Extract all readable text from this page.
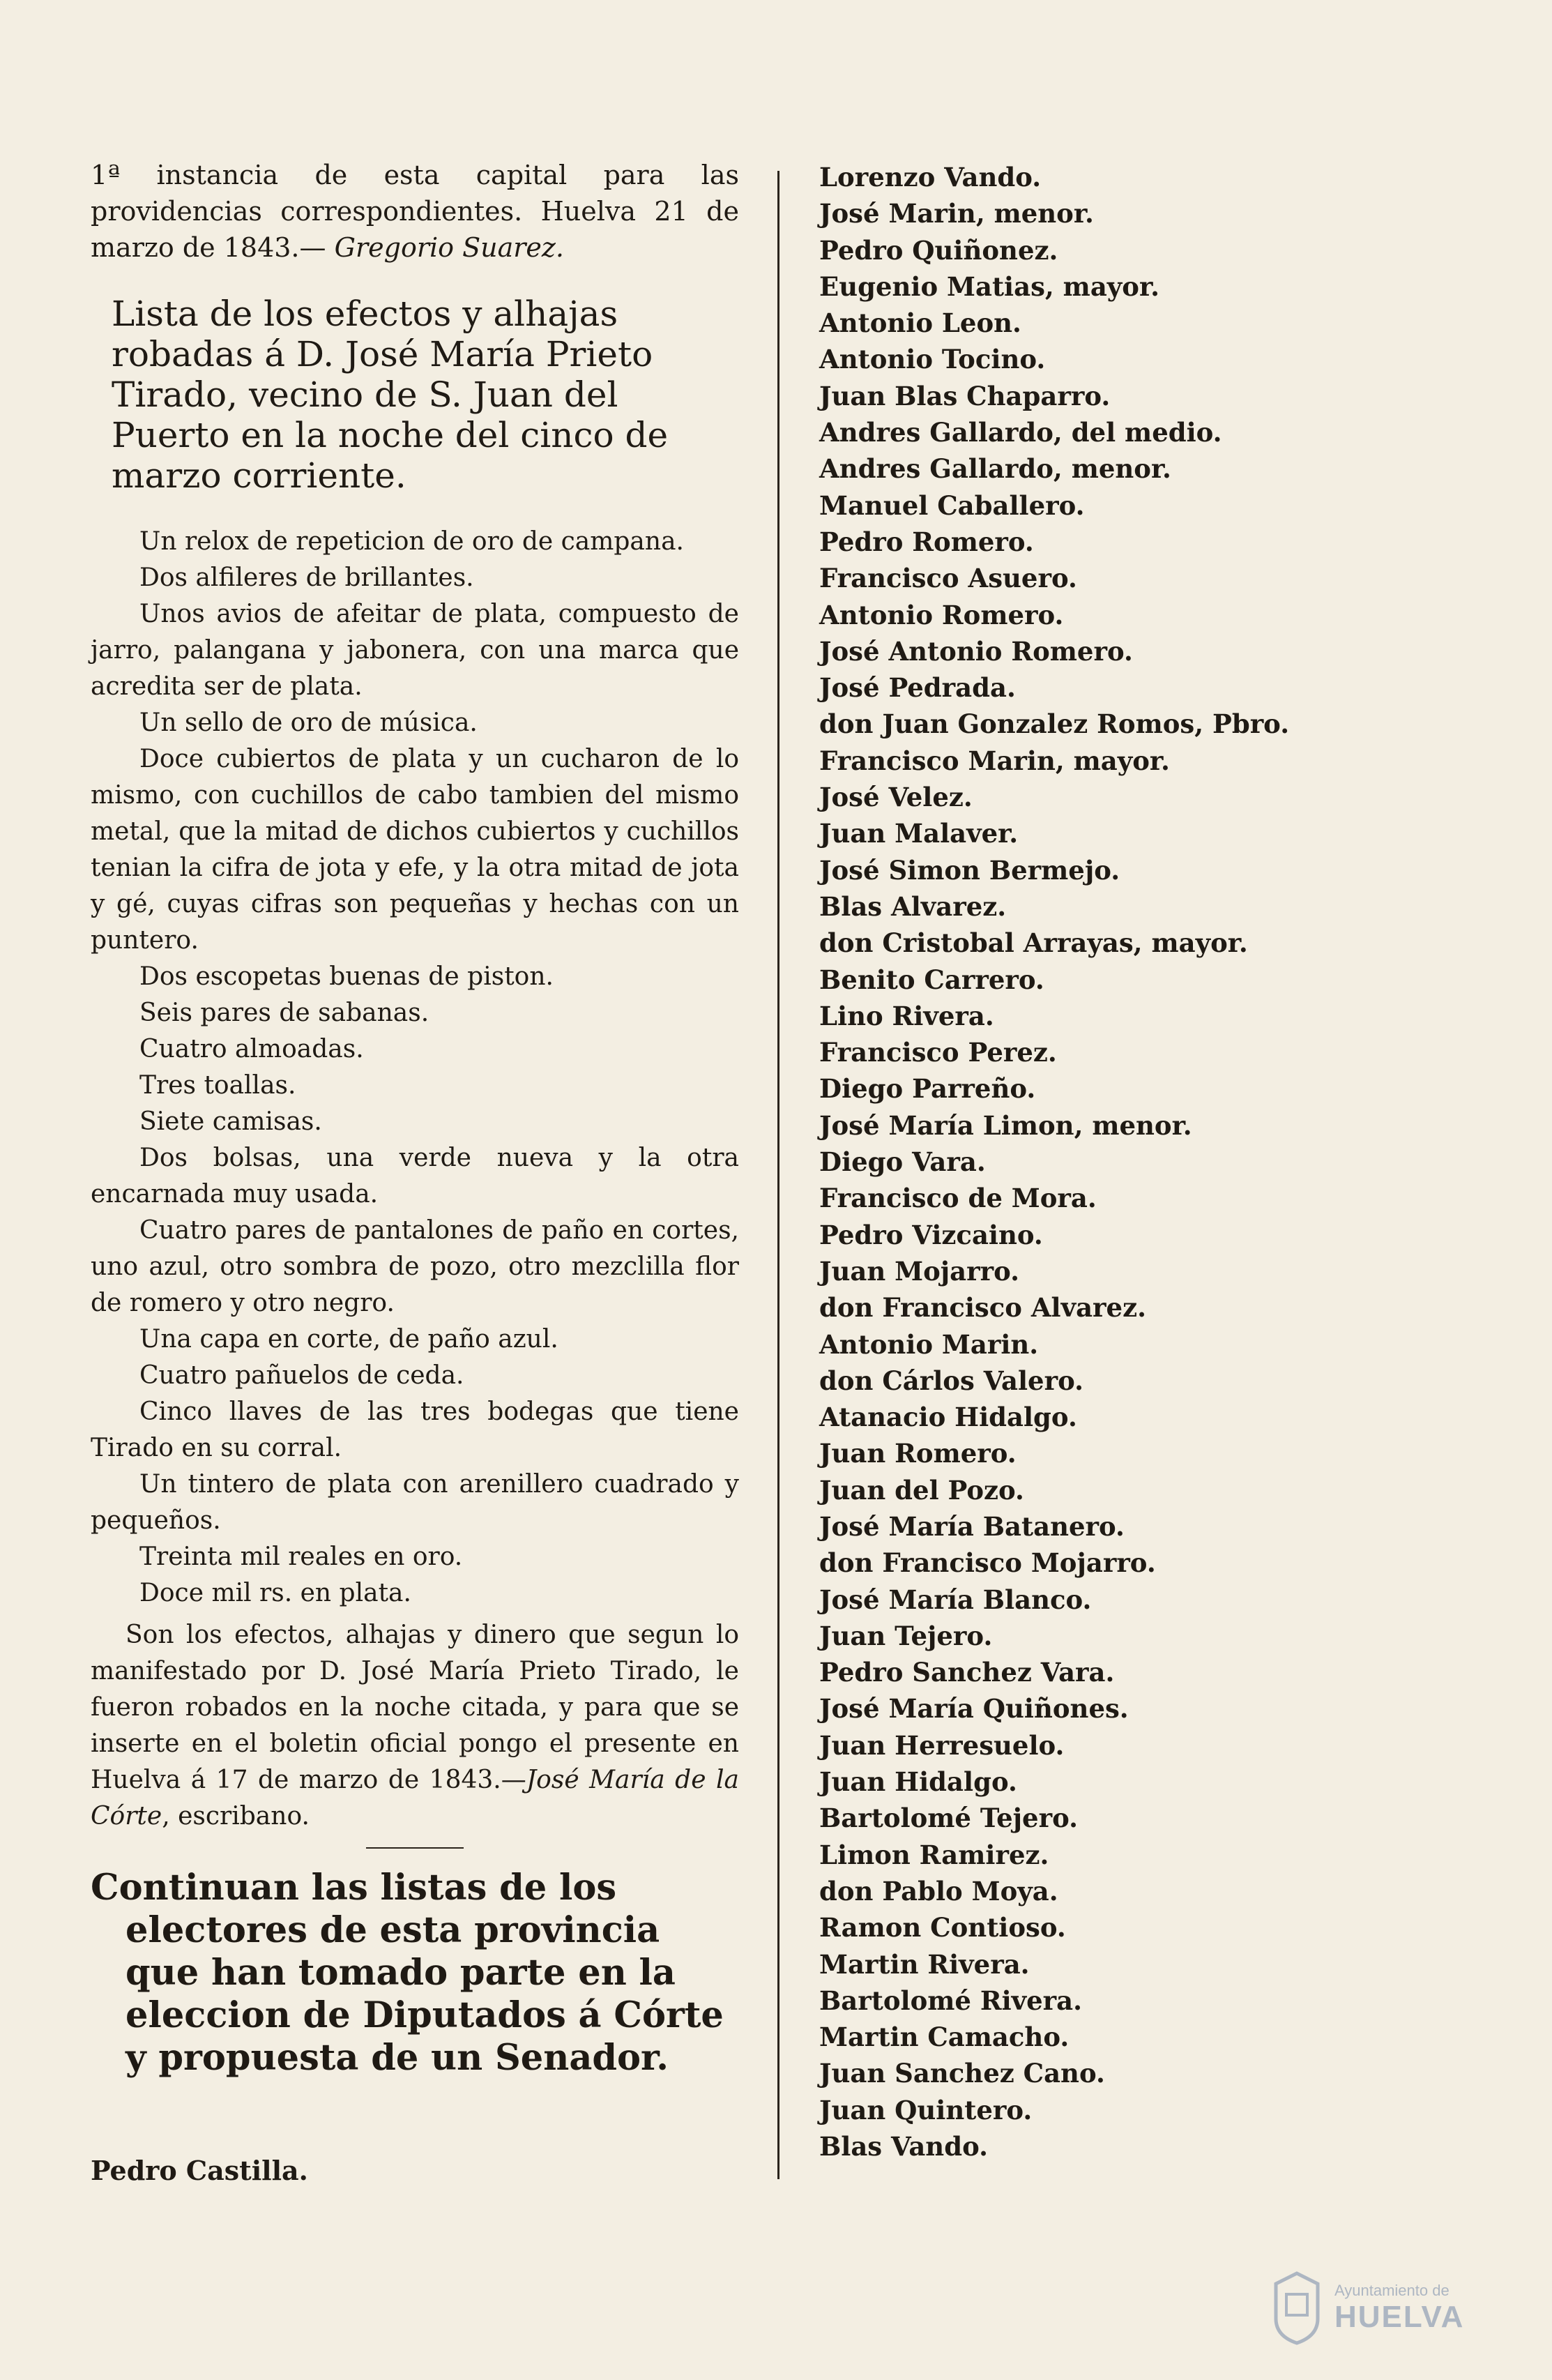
1ª instancia de esta capital para las providencias correspondientes. Huelva 21 de marzo de 1843.— Gregorio Suarez.

Lista de los efectos y alhajas robadas á D. José María Prieto Tirado, vecino de S. Juan del Puerto en la noche del cinco de marzo corriente.

Un relox de repeticion de oro de campana.

Dos alfileres de brillantes.

Unos avios de afeitar de plata, compuesto de jarro, palangana y jabonera, con una marca que acredita ser de plata.

Un sello de oro de música.

Doce cubiertos de plata y un cucharon de lo mismo, con cuchillos de cabo tambien del mismo metal, que la mitad de dichos cubiertos y cuchillos tenian la cifra de jota y efe, y la otra mitad de jota y gé, cuyas cifras son pequeñas y hechas con un puntero.

Dos escopetas buenas de piston.

Seis pares de sabanas.

Cuatro almoadas.

Tres toallas.

Siete camisas.

Dos bolsas, una verde nueva y la otra encarnada muy usada.

Cuatro pares de pantalones de paño en cortes, uno azul, otro sombra de pozo, otro mezclilla flor de romero y otro negro.

Una capa en corte, de paño azul.

Cuatro pañuelos de ceda.

Cinco llaves de las tres bodegas que tiene Tirado en su corral.

Un tintero de plata con arenillero cuadrado y pequeños.

Treinta mil reales en oro.

Doce mil rs. en plata.

Son los efectos, alhajas y dinero que segun lo manifestado por D. José María Prieto Tirado, le fueron robados en la noche citada, y para que se inserte en el boletin oficial pongo el presente en Huelva á 17 de marzo de 1843.—José María de la Córte, escribano.

Continuan las listas de los electores de esta provincia que han tomado parte en la eleccion de Diputados á Córte y propuesta de un Senador.

Pedro Castilla.
Lorenzo Vando.
José Marin, menor.
Pedro Quiñonez.
Eugenio Matias, mayor.
Antonio Leon.
Antonio Tocino.
Juan Blas Chaparro.
Andres Gallardo, del medio.
Andres Gallardo, menor.
Manuel Caballero.
Pedro Romero.
Francisco Asuero.
Antonio Romero.
José Antonio Romero.
José Pedrada.
don Juan Gonzalez Romos, Pbro.
Francisco Marin, mayor.
José Velez.
Juan Malaver.
José Simon Bermejo.
Blas Alvarez.
don Cristobal Arrayas, mayor.
Benito Carrero.
Lino Rivera.
Francisco Perez.
Diego Parreño.
José María Limon, menor.
Diego Vara.
Francisco de Mora.
Pedro Vizcaino.
Juan Mojarro.
don Francisco Alvarez.
Antonio Marin.
don Cárlos Valero.
Atanacio Hidalgo.
Juan Romero.
Juan del Pozo.
José María Batanero.
don Francisco Mojarro.
José María Blanco.
Juan Tejero.
Pedro Sanchez Vara.
José María Quiñones.
Juan Herresuelo.
Juan Hidalgo.
Bartolomé Tejero.
Limon Ramirez.
don Pablo Moya.
Ramon Contioso.
Martin Rivera.
Bartolomé Rivera.
Martin Camacho.
Juan Sanchez Cano.
Juan Quintero.
Blas Vando.
Ayuntamiento de
HUELVA
